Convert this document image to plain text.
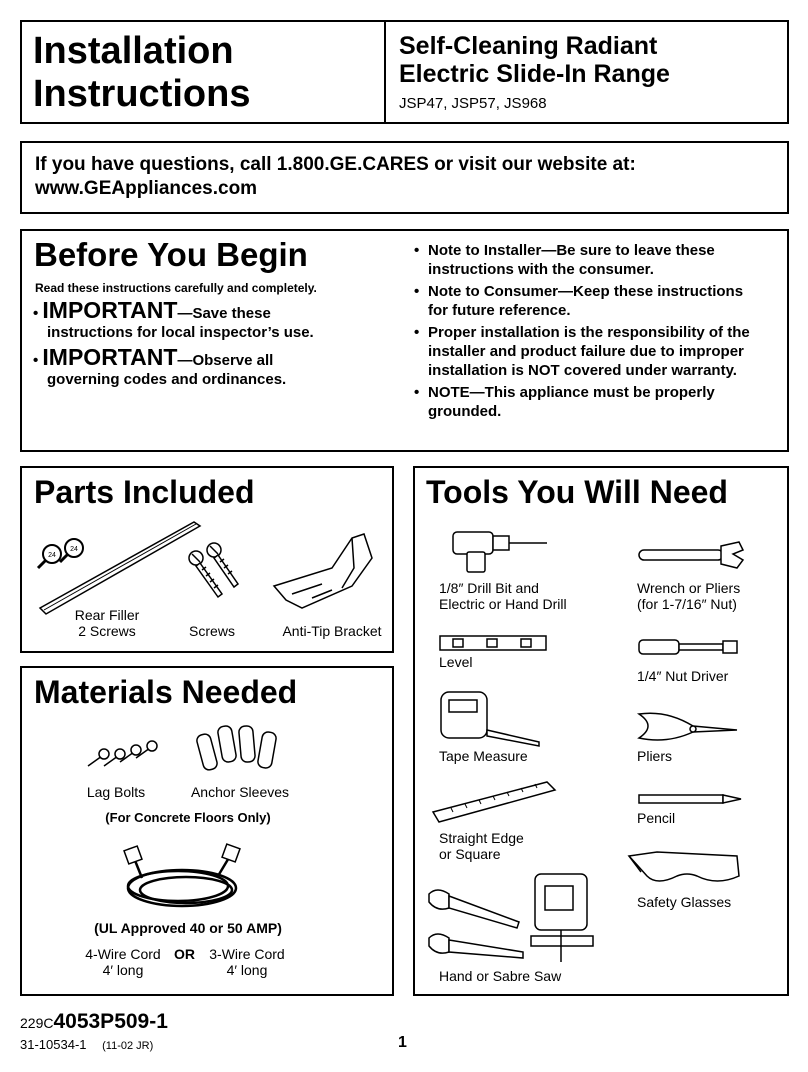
Installation
Instructions
Self-Cleaning Radiant
Electric Slide-In Range
JSP47, JSP57, JS968
If you have questions, call 1.800.GE.CARES or visit our website at:
www.GEAppliances.com
Before You Begin
Read these instructions carefully and completely.
• IMPORTANT—Save these
instructions for local inspector’s use.
• IMPORTANT—Observe all
governing codes and ordinances.
• Note to Installer—Be sure to leave these instructions with the consumer.
• Note to Consumer—Keep these instructions for future reference.
• Proper installation is the responsibility of the installer and product failure due to improper installation is NOT covered under warranty.
• NOTE—This appliance must be properly grounded.
Parts Included
24
24
Rear Filler
2 Screws	Screws	Anti-Tip Bracket
Materials Needed
Lag Bolts	Anchor Sleeves
(For Concrete Floors Only)
(UL Approved 40 or 50 AMP)
4-Wire Cord
4′ long
OR	3-Wire Cord
4′ long
Tools You Will Need
1/8″ Drill Bit and
Electric or Hand Drill
Wrench or Pliers
(for 1-7/16″ Nut)
Level
1/4″ Nut Driver
Tape Measure	Pliers
Pencil
Straight Edge
or Square
Safety Glasses
Hand or Sabre Saw
229C4053P509-1
31-10534-1 (11-02 JR)	1
